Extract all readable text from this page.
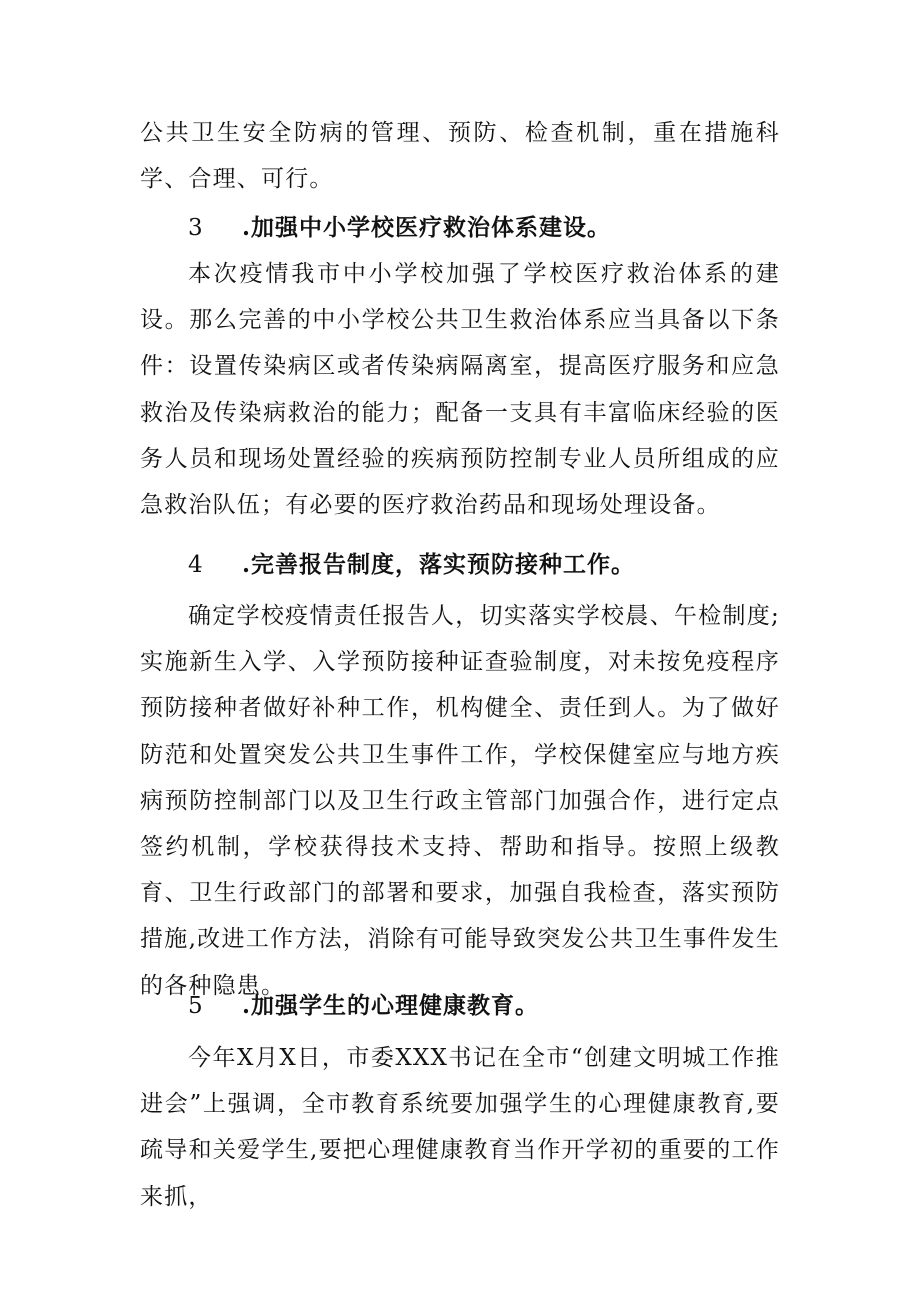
公共卫生安全防病的管理、预防、检查机制，重在措施科学、合理、可行。

3 .加强中小学校医疗救治体系建设。

本次疫情我市中小学校加强了学校医疗救治体系的建设。那么完善的中小学校公共卫生救治体系应当具备以下条件：设置传染病区或者传染病隔离室，提高医疗服务和应急救治及传染病救治的能力；配备一支具有丰富临床经验的医务人员和现场处置经验的疾病预防控制专业人员所组成的应急救治队伍；有必要的医疗救治药品和现场处理设备。

4 .完善报告制度，落实预防接种工作。

确定学校疫情责任报告人，切实落实学校晨、午检制度;实施新生入学、入学预防接种证查验制度，对未按免疫程序预防接种者做好补种工作，机构健全、责任到人。为了做好防范和处置突发公共卫生事件工作，学校保健室应与地方疾病预防控制部门以及卫生行政主管部门加强合作，进行定点签约机制，学校获得技术支持、帮助和指导。按照上级教育、卫生行政部门的部署和要求，加强自我检查，落实预防措施,改进工作方法，消除有可能导致突发公共卫生事件发生的各种隐患。

5 .加强学生的心理健康教育。

今年X月X日，市委XXX书记在全市“创建文明城工作推进会”上强调，全市教育系统要加强学生的心理健康教育,要疏导和关爱学生,要把心理健康教育当作开学初的重要的工作来抓，
